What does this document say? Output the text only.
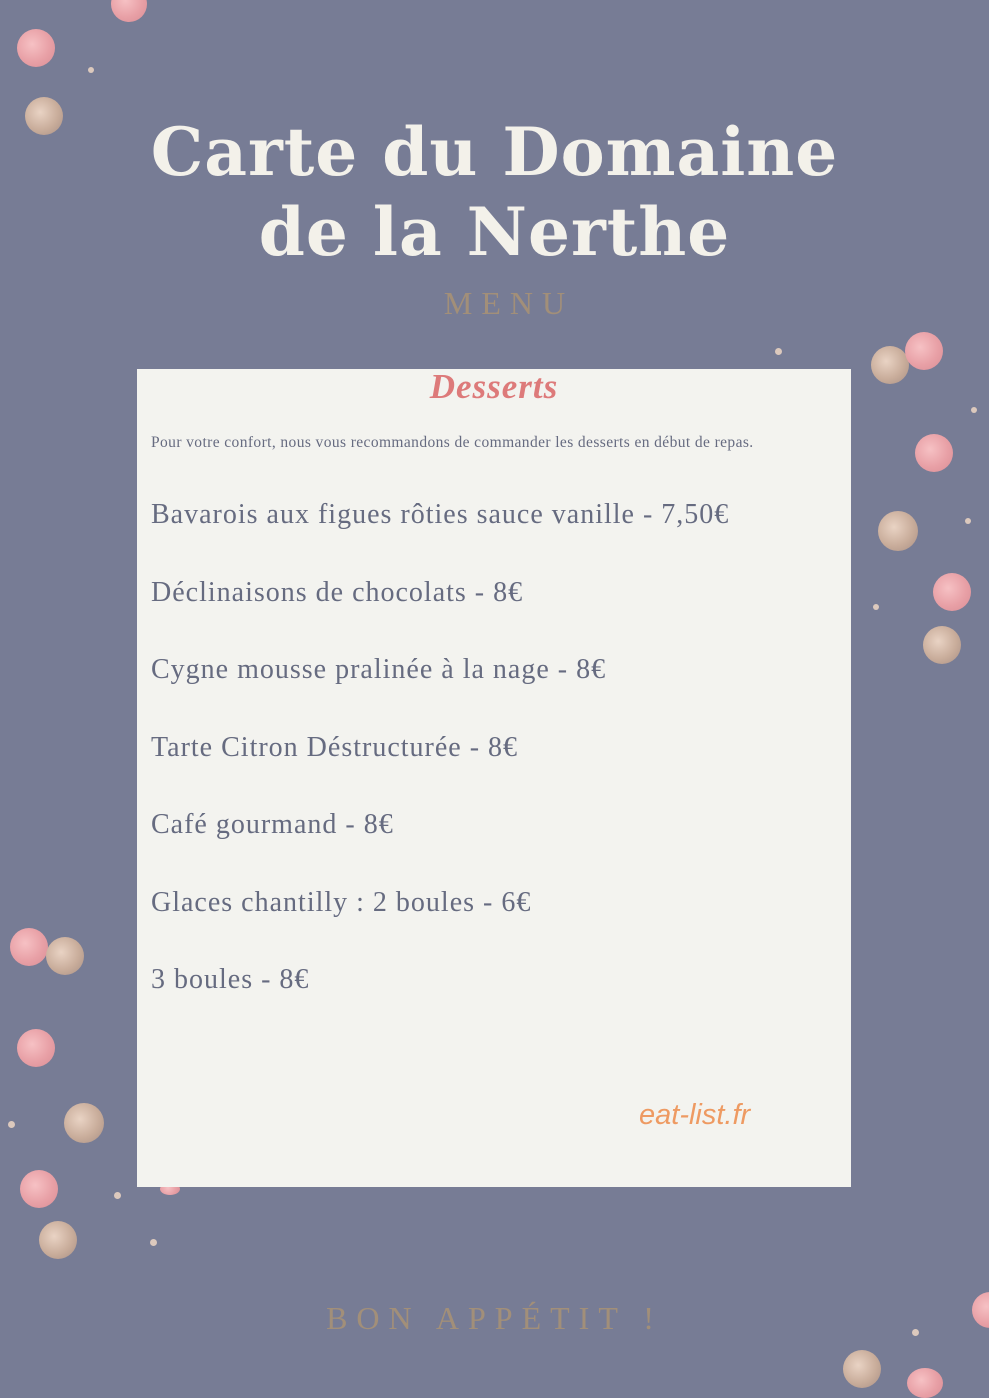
Carte du Domaine
de la Nerthe
MENU
Desserts

Pour votre confort, nous vous recommandons de commander les desserts en début de repas.

Bavarois aux figues rôties sauce vanille - 7,50€
Déclinaisons de chocolats - 8€
Cygne mousse pralinée à la nage - 8€
Tarte Citron Déstructurée - 8€
Café gourmand - 8€
Glaces chantilly : 2 boules - 6€
3 boules - 8€
eat-list.fr
BON APPÉTIT !
